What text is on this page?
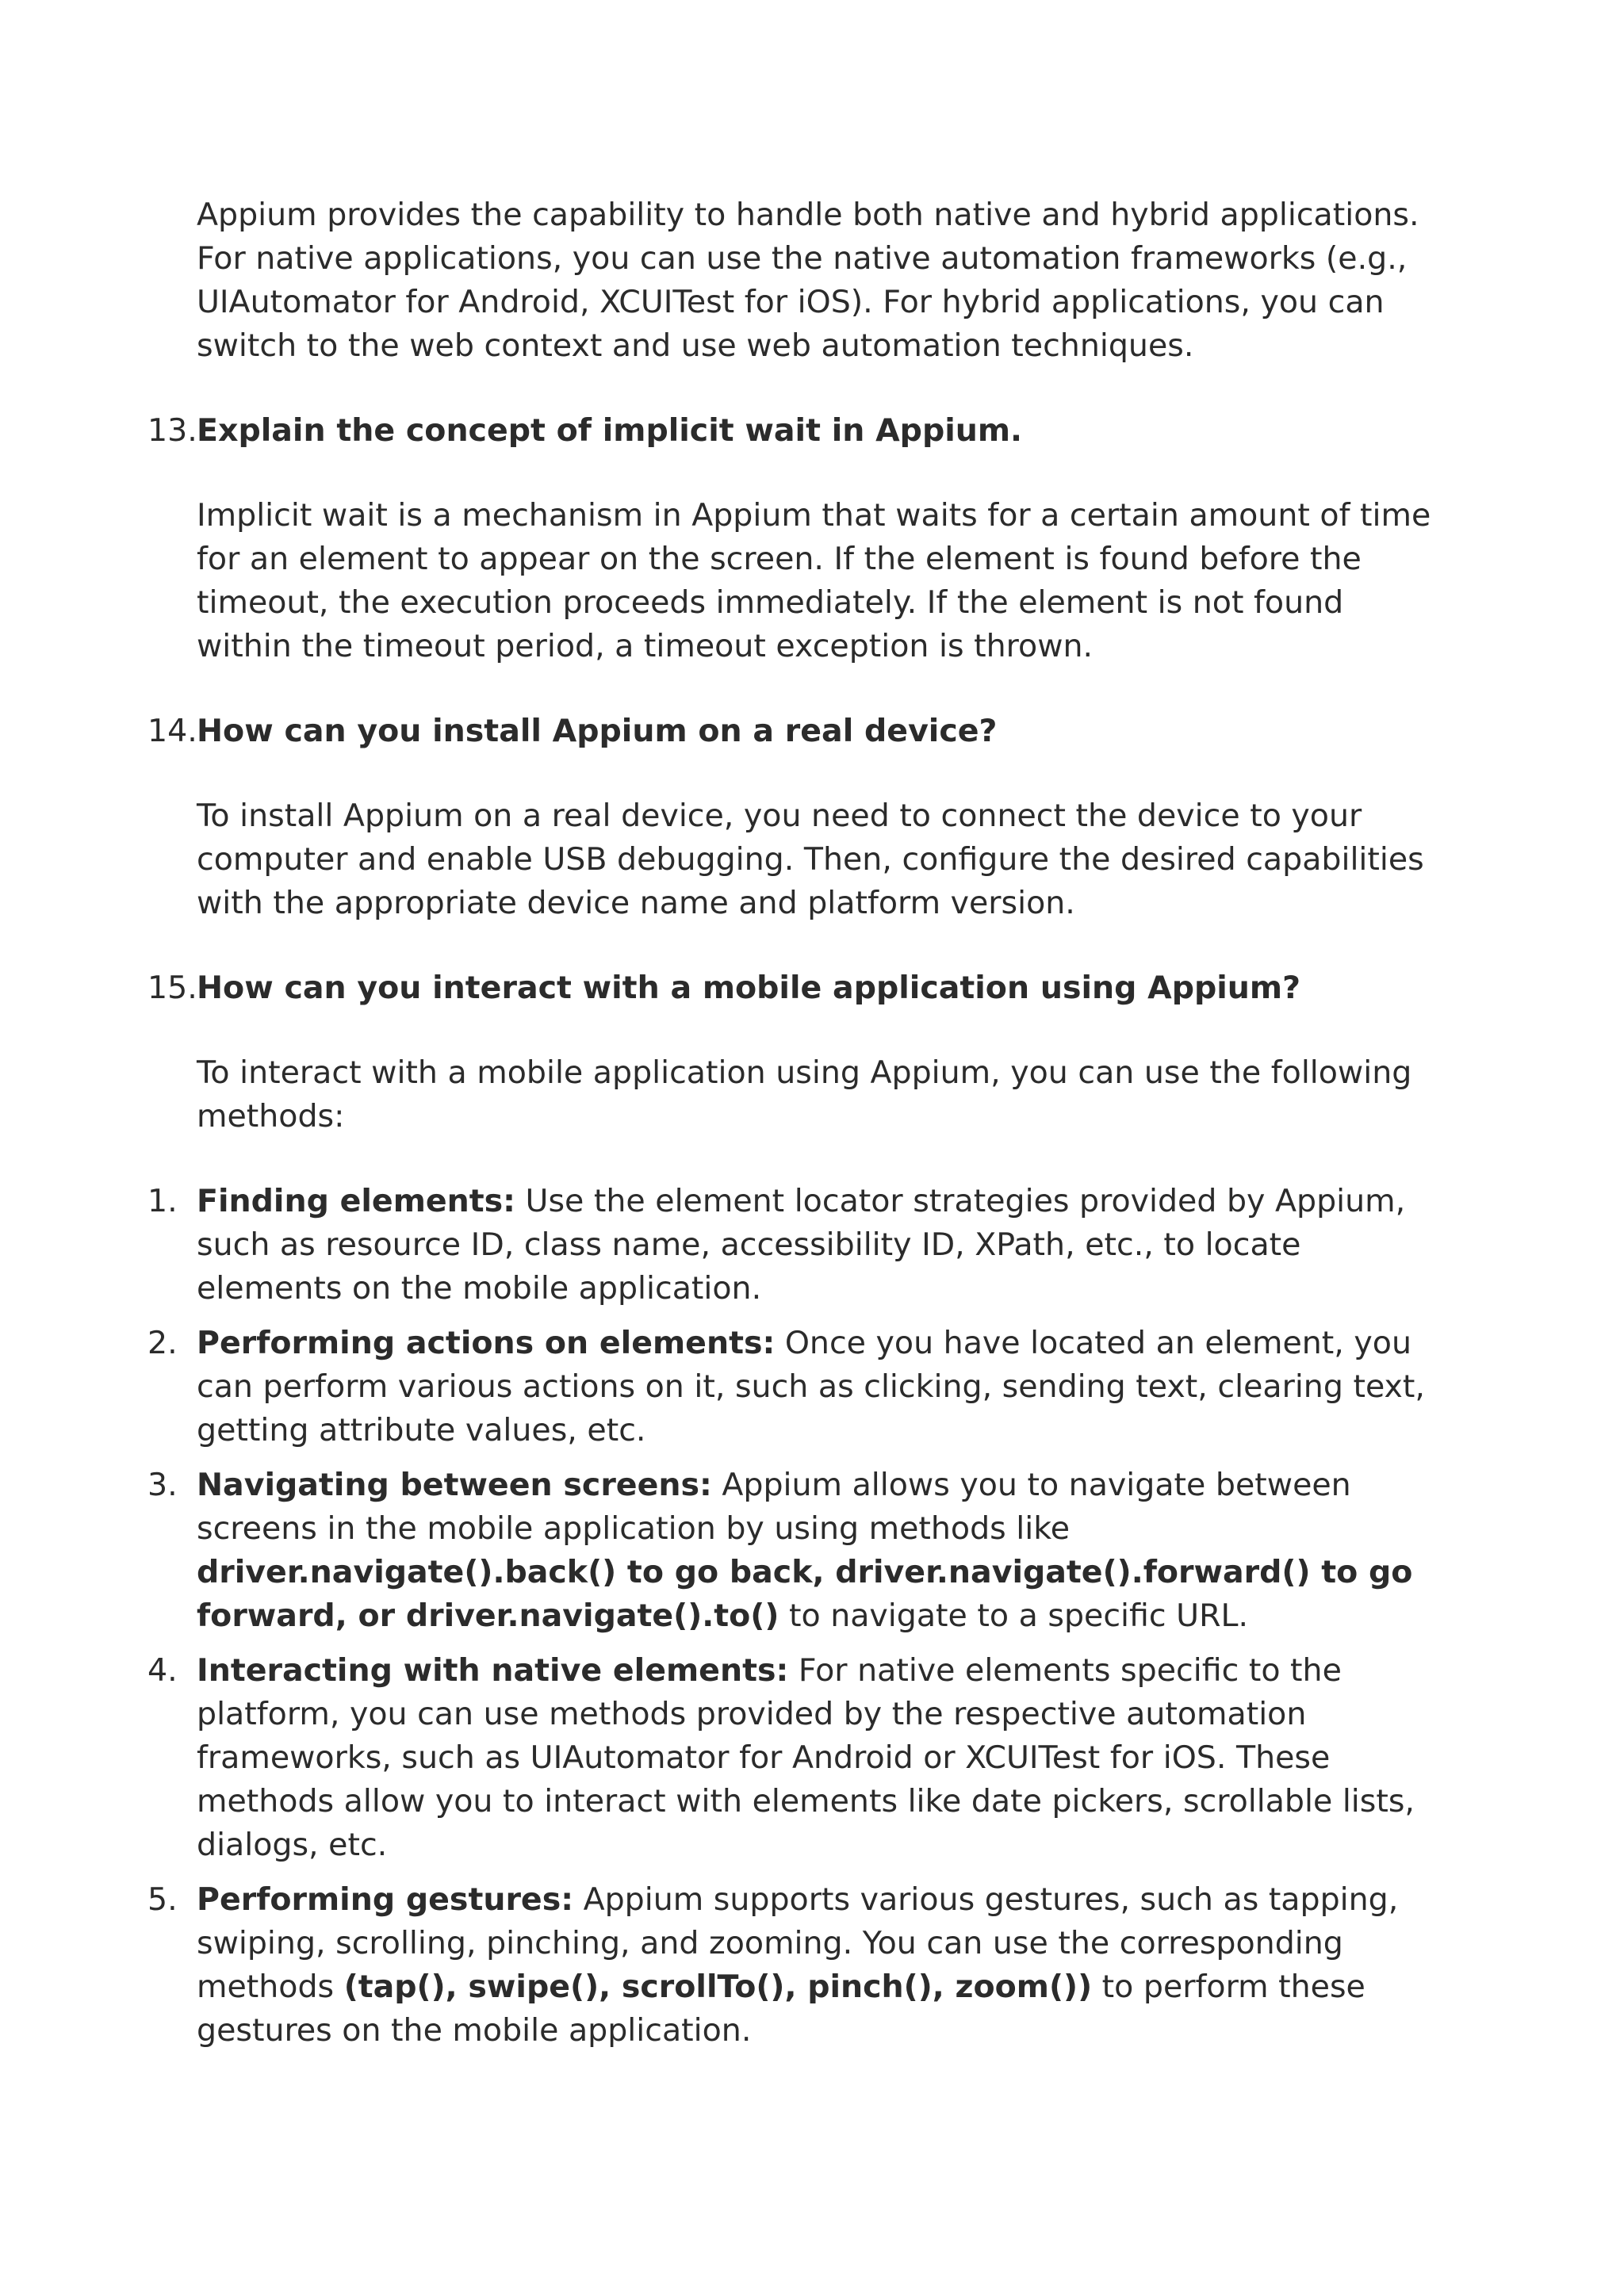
Appium provides the capability to handle both native and hybrid applications. For native applications, you can use the native automation frameworks (e.g., UIAutomator for Android, XCUITest for iOS). For hybrid applications, you can switch to the web context and use web automation techniques.

13. Explain the concept of implicit wait in Appium.

Implicit wait is a mechanism in Appium that waits for a certain amount of time for an element to appear on the screen. If the element is found before the timeout, the execution proceeds immediately. If the element is not found within the timeout period, a timeout exception is thrown.

14. How can you install Appium on a real device?

To install Appium on a real device, you need to connect the device to your computer and enable USB debugging. Then, configure the desired capabilities with the appropriate device name and platform version.

15. How can you interact with a mobile application using Appium?

To interact with a mobile application using Appium, you can use the following methods:

1. Finding elements: Use the element locator strategies provided by Appium, such as resource ID, class name, accessibility ID, XPath, etc., to locate elements on the mobile application.
2. Performing actions on elements: Once you have located an element, you can perform various actions on it, such as clicking, sending text, clearing text, getting attribute values, etc.
3. Navigating between screens: Appium allows you to navigate between screens in the mobile application by using methods like driver.navigate().back() to go back, driver.navigate().forward() to go forward, or driver.navigate().to() to navigate to a specific URL.
4. Interacting with native elements: For native elements specific to the platform, you can use methods provided by the respective automation frameworks, such as UIAutomator for Android or XCUITest for iOS. These methods allow you to interact with elements like date pickers, scrollable lists, dialogs, etc.
5. Performing gestures: Appium supports various gestures, such as tapping, swiping, scrolling, pinching, and zooming. You can use the corresponding methods (tap(), swipe(), scrollTo(), pinch(), zoom()) to perform these gestures on the mobile application.
